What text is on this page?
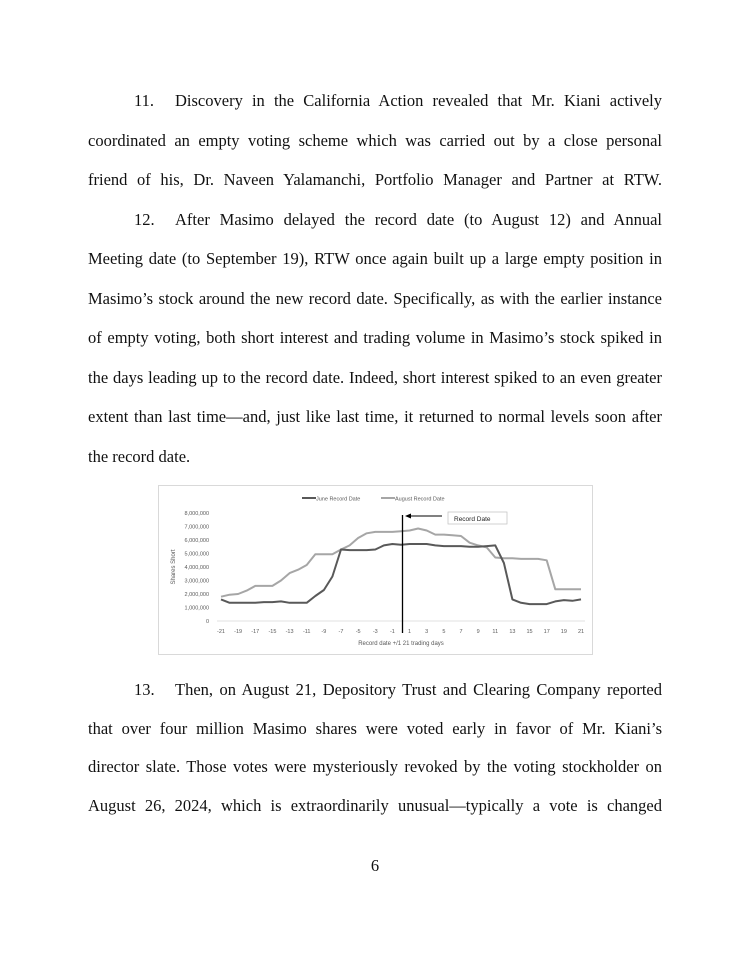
11. Discovery in the California Action revealed that Mr. Kiani actively
coordinated an empty voting scheme which was carried out by a close personal
friend of his, Dr. Naveen Yalamanchi, Portfolio Manager and Partner at RTW.
12. After Masimo delayed the record date (to August 12) and Annual
Meeting date (to September 19), RTW once again built up a large empty position in
Masimo’s stock around the new record date. Specifically, as with the earlier instance
of empty voting, both short interest and trading volume in Masimo’s stock spiked in
the days leading up to the record date. Indeed, short interest spiked to an even greater
extent than last time—and, just like last time, it returned to normal levels soon after
the record date.
13. Then, on August 21, Depository Trust and Clearing Company reported
that over four million Masimo shares were voted early in favor of Mr. Kiani’s
director slate. Those votes were mysteriously revoked by the voting stockholder on
August 26, 2024, which is extraordinarily unusual—typically a vote is changed
June Record Date	August Record Date
0
1,000,000
2,000,000
3,000,000
4,000,000
5,000,000
6,000,000
7,000,000
8,000,000
-21 -19 -17 -15 -13 -11 -9 -7 -5 -3 -1 1	3	5	7	9 11 13 15 17 19 21
Record date +/1 21 trading days
Shares Short
Record Date
6
